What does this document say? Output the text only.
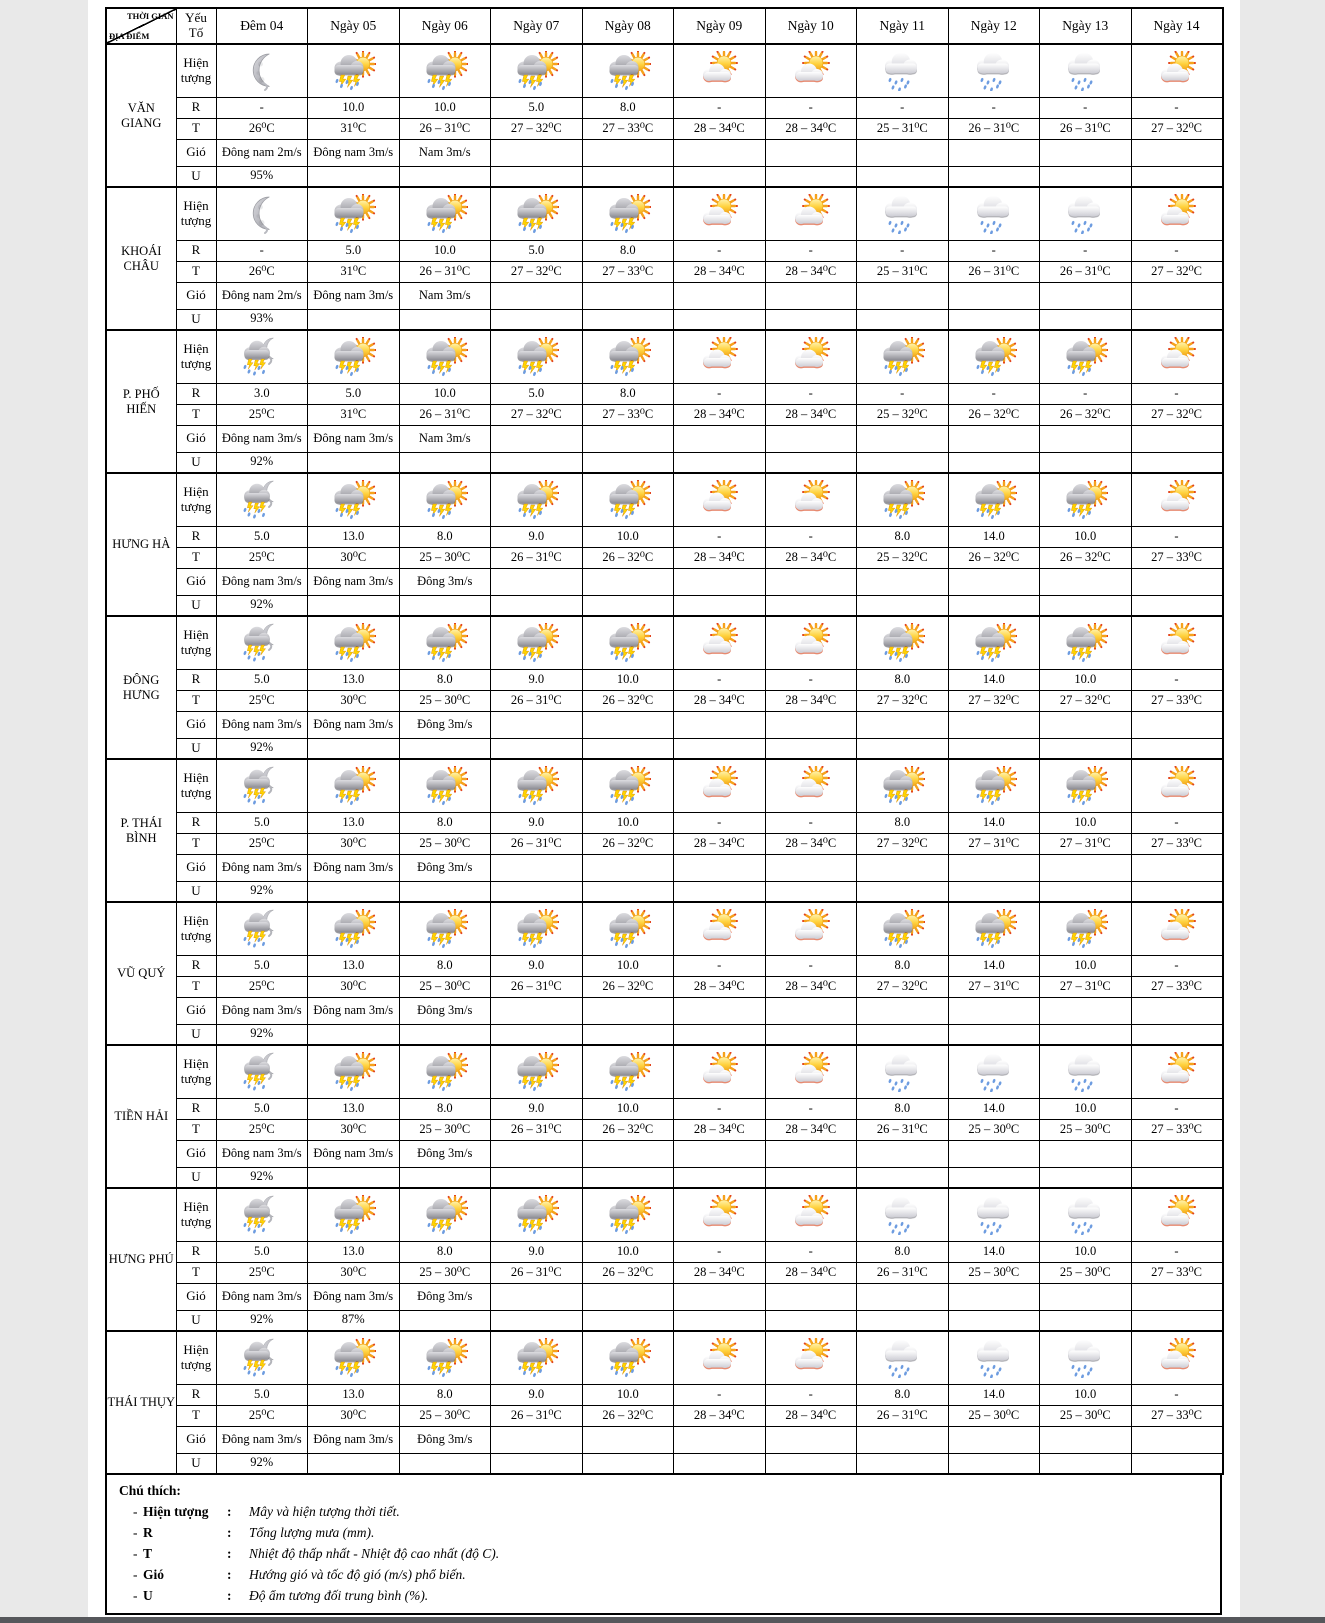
THỜI GIAN
ĐỊA ĐIỂM	Yếu Tố	Đêm 04	Ngày 05	Ngày 06	Ngày 07	Ngày 08	Ngày 09	Ngày 10	Ngày 11	Ngày 12	Ngày 13	Ngày 14
VĂN GIANG	Hiện tượng	

	R	-	10.0	10.0	5.0	8.0	-	-	-	-	-	-
	T	26⁰C	31⁰C	26 – 31⁰C	27 – 32⁰C	27 – 33⁰C	28 – 34⁰C	28 – 34⁰C	25 – 31⁰C	26 – 31⁰C	26 – 31⁰C	27 – 32⁰C
	Gió	Đông nam 2m/s	Đông nam 3m/s	Nam 3m/s								
	U	95%										
KHOÁI CHÂU	Hiện tượng	

	R	-	5.0	10.0	5.0	8.0	-	-	-	-	-	-
	T	26⁰C	31⁰C	26 – 31⁰C	27 – 32⁰C	27 – 33⁰C	28 – 34⁰C	28 – 34⁰C	25 – 31⁰C	26 – 31⁰C	26 – 31⁰C	27 – 32⁰C
	Gió	Đông nam 2m/s	Đông nam 3m/s	Nam 3m/s								
	U	93%										
P. PHỐ HIẾN	Hiện tượng	

	R	3.0	5.0	10.0	5.0	8.0	-	-	-	-	-	-
	T	25⁰C	31⁰C	26 – 31⁰C	27 – 32⁰C	27 – 33⁰C	28 – 34⁰C	28 – 34⁰C	25 – 32⁰C	26 – 32⁰C	26 – 32⁰C	27 – 32⁰C
	Gió	Đông nam 3m/s	Đông nam 3m/s	Nam 3m/s								
	U	92%										
HƯNG HÀ	Hiện tượng	

	R	5.0	13.0	8.0	9.0	10.0	-	-	8.0	14.0	10.0	-
	T	25⁰C	30⁰C	25 – 30⁰C	26 – 31⁰C	26 – 32⁰C	28 – 34⁰C	28 – 34⁰C	25 – 32⁰C	26 – 32⁰C	26 – 32⁰C	27 – 33⁰C
	Gió	Đông nam 3m/s	Đông nam 3m/s	Đông 3m/s								
	U	92%										
ĐÔNG HƯNG	Hiện tượng	

	R	5.0	13.0	8.0	9.0	10.0	-	-	8.0	14.0	10.0	-
	T	25⁰C	30⁰C	25 – 30⁰C	26 – 31⁰C	26 – 32⁰C	28 – 34⁰C	28 – 34⁰C	27 – 32⁰C	27 – 32⁰C	27 – 32⁰C	27 – 33⁰C
	Gió	Đông nam 3m/s	Đông nam 3m/s	Đông 3m/s								
	U	92%										
P. THÁI BÌNH	Hiện tượng	

	R	5.0	13.0	8.0	9.0	10.0	-	-	8.0	14.0	10.0	-
	T	25⁰C	30⁰C	25 – 30⁰C	26 – 31⁰C	26 – 32⁰C	28 – 34⁰C	28 – 34⁰C	27 – 32⁰C	27 – 31⁰C	27 – 31⁰C	27 – 33⁰C
	Gió	Đông nam 3m/s	Đông nam 3m/s	Đông 3m/s								
	U	92%										
VŨ QUÝ	Hiện tượng	

	R	5.0	13.0	8.0	9.0	10.0	-	-	8.0	14.0	10.0	-
	T	25⁰C	30⁰C	25 – 30⁰C	26 – 31⁰C	26 – 32⁰C	28 – 34⁰C	28 – 34⁰C	27 – 32⁰C	27 – 31⁰C	27 – 31⁰C	27 – 33⁰C
	Gió	Đông nam 3m/s	Đông nam 3m/s	Đông 3m/s								
	U	92%										
TIỀN HẢI	Hiện tượng	

	R	5.0	13.0	8.0	9.0	10.0	-	-	8.0	14.0	10.0	-
	T	25⁰C	30⁰C	25 – 30⁰C	26 – 31⁰C	26 – 32⁰C	28 – 34⁰C	28 – 34⁰C	26 – 31⁰C	25 – 30⁰C	25 – 30⁰C	27 – 33⁰C
	Gió	Đông nam 3m/s	Đông nam 3m/s	Đông 3m/s								
	U	92%										
HƯNG PHÚ	Hiện tượng	

	R	5.0	13.0	8.0	9.0	10.0	-	-	8.0	14.0	10.0	-
	T	25⁰C	30⁰C	25 – 30⁰C	26 – 31⁰C	26 – 32⁰C	28 – 34⁰C	28 – 34⁰C	26 – 31⁰C	25 – 30⁰C	25 – 30⁰C	27 – 33⁰C
	Gió	Đông nam 3m/s	Đông nam 3m/s	Đông 3m/s								
	U	92%	87%									
THÁI THỤY	Hiện tượng	

	R	5.0	13.0	8.0	9.0	10.0	-	-	8.0	14.0	10.0	-
	T	25⁰C	30⁰C	25 – 30⁰C	26 – 31⁰C	26 – 32⁰C	28 – 34⁰C	28 – 34⁰C	26 – 31⁰C	25 – 30⁰C	25 – 30⁰C	27 – 33⁰C
	Gió	Đông nam 3m/s	Đông nam 3m/s	Đông 3m/s								
	U	92%										
Chú thích:
- Hiện tượng	:	Mây và hiện tượng thời tiết.
- R	:	Tổng lượng mưa (mm).
- T	:	Nhiệt độ thấp nhất - Nhiệt độ cao nhất (độ C).
- Gió	:	Hướng gió và tốc độ gió (m/s) phổ biến.
- U	:	Độ ẩm tương đối trung bình (%).
